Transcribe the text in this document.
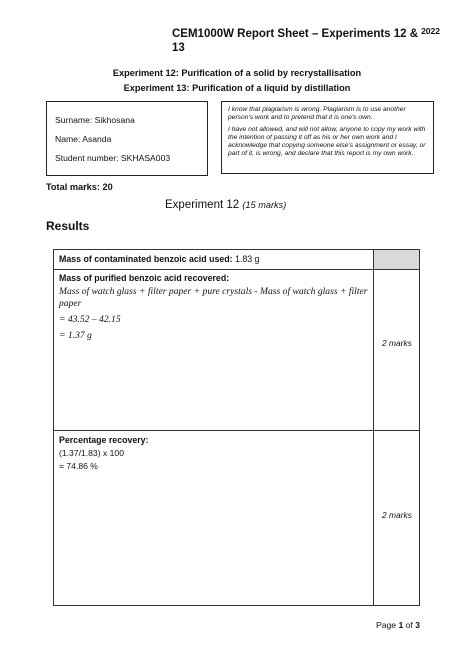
CEM1000W Report Sheet – Experiments 12 & $^{2022}$
13
Experiment 12: Purification of a solid by recrystallisation
Experiment 13: Purification of a liquid by distillation
Surname: Sikhosana
Name: Asanda
Student number: SKHASA003

I know that plagiarism is wrong. Plagiarism is to use another person's work and to pretend that it is one's own.

I have not allowed, and will not allow, anyone to copy my work with the intention of passing it off as his or her own work and I acknowledge that copying someone else's assignment or essay, or part of it, is wrong, and declare that this report is my own work.

Total marks: 20
Experiment 12 (15 marks)
Results
Mass of contaminated benzoic acid used: 1.83 g	

Mass of purified benzoic acid recovered:
Mass of watch glass + filter paper + pure crystals - Mass of watch glass + filter paper
= 43.52 – 42.15
= 1.37 g	2 marks

Percentage recovery:
(1.37/1.83) x 100
= 74.86 %	2 marks
Page 1 of 3
